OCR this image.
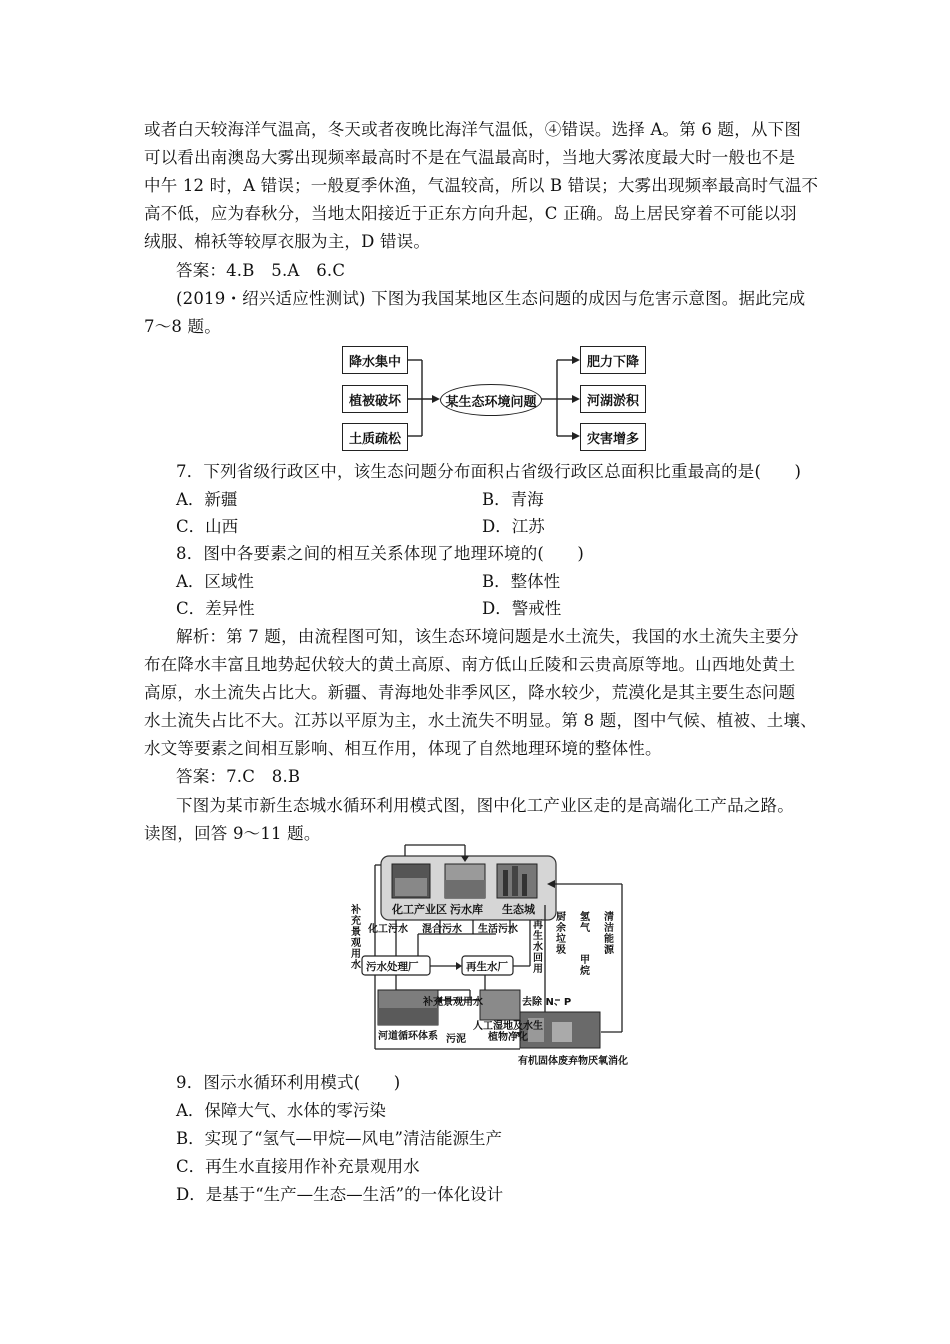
或者白天较海洋气温高，冬天或者夜晚比海洋气温低，④错误。选择 A。第 6 题，从下图
可以看出南澳岛大雾出现频率最高时不是在气温最高时，当地大雾浓度最大时一般也不是
中午 12 时，A 错误；一般夏季休渔，气温较高，所以 B 错误；大雾出现频率最高时气温不
高不低，应为春秋分，当地太阳接近于正东方向升起，C 正确。岛上居民穿着不可能以羽
绒服、棉袄等较厚衣服为主，D 错误。
答案：4.B　5.A　6.C
(2019・绍兴适应性测试) 下图为我国某地区生态问题的成因与危害示意图。据此完成
7～8 题。
降水集中
植被破坏
土质疏松
某生态环境问题
肥力下降
河湖淤积
灾害增多
7．下列省级行政区中，该生态问题分布面积占省级行政区总面积比重最高的是(　　)
A．新疆	B．青海
C．山西	D．江苏
8．图中各要素之间的相互关系体现了地理环境的(　　)
A．区域性	B．整体性
C．差异性	D．警戒性
解析：第 7 题，由流程图可知，该生态环境问题是水土流失，我国的水土流失主要分
布在降水丰富且地势起伏较大的黄土高原、南方低山丘陵和云贵高原等地。山西地处黄土
高原，水土流失占比大。新疆、青海地处非季风区，降水较少，荒漠化是其主要生态问题
水土流失占比不大。江苏以平原为主，水土流失不明显。第 8 题，图中气候、植被、土壤、
水文等要素之间相互影响、相互作用，体现了自然地理环境的整体性。
答案：7.C　8.B
下图为某市新生态城水循环利用模式图，图中化工产业区走的是高端化工产品之路。
读图，回答 9～11 题。
化工产业区 污水库 生态城
化工污水 混合污水 生活污水
补充景观用水
再生水回用
厨余垃圾
氢气
甲烷
清洁能源
污水处理厂	再生水厂
补充景观用水	去除 N、P
河道循环体系 污泥
人工湿地及水生植物净化
有机固体废弃物厌氧消化
9．图示水循环利用模式(　　)
A．保障大气、水体的零污染
B．实现了“氢气—甲烷—风电”清洁能源生产
C．再生水直接用作补充景观用水
D．是基于“生产—生态—生活”的一体化设计
